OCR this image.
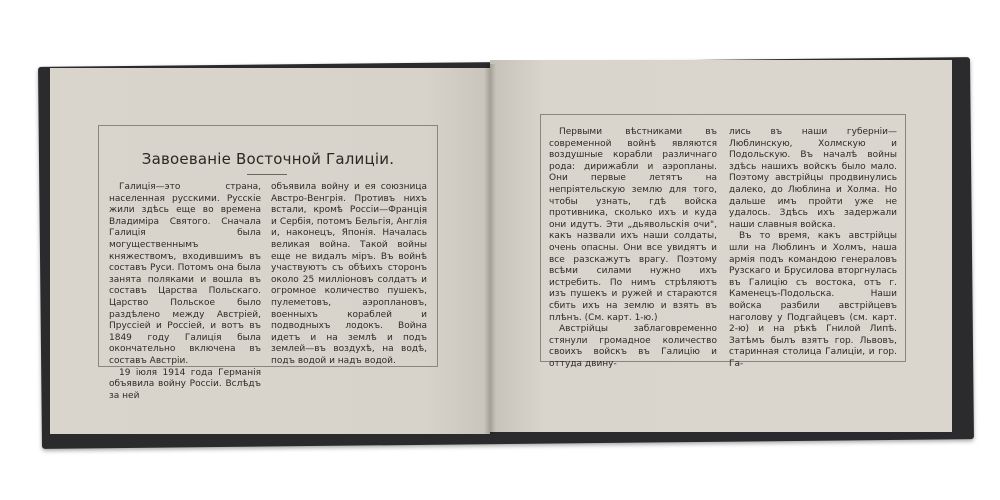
Завоеванiе Восточной Галицiи.

Галицiя—это страна, населенная русскими. Русскiе жили здѣсь еще во времена Владимiра Святого. Сначала Галицiя была могущественнымъ княжествомъ, входившимъ въ составъ Руси. Потомъ она была занята поляками и вошла въ составъ Царства Польскаго. Царство Польское было раздѣлено между Австрiей, Пруссiей и Россiей, и вотъ въ 1849 году Галицiя была окончательно включена въ составъ Австрiи.

19 iюля 1914 года Германiя объявила войну Россiи. Вслѣдъ за ней

объявила войну и ея союзница Австро-Венгрiя. Противъ нихъ встали, кромѣ Россiи—Францiя и Сербiя, потомъ Бельгiя, Англiя и, наконецъ, Японiя. Началась великая война. Такой войны еще не видалъ мiръ. Въ войнѣ участвуютъ съ обѣихъ сторонъ около 25 миллiоновъ солдатъ и огромное количество пушекъ, пулеметовъ, аэроплановъ, военныхъ кораблей и подводныхъ лодокъ. Война идетъ и на землѣ и подъ землей—въ воздухѣ, на водѣ, подъ водой и надъ водой.

Первыми вѣстниками въ современной войнѣ являются воздушные корабли различнаго рода: дирижабли и аэропланы. Они первые летятъ на непрiятельскую землю для того, чтобы узнать, гдѣ войска противника, сколько ихъ и куда они идутъ. Эти „дьявольскiя очи", какъ назвали ихъ наши солдаты, очень опасны. Они все увидятъ и все разскажутъ врагу. Поэтому всѣми силами нужно ихъ истребить. По нимъ стрѣляютъ изъ пушекъ и ружей и стараются сбить ихъ на землю и взять въ плѣнъ. (См. карт. 1-ю.)

Австрiйцы заблаговременно стянули громадное количество своихъ войскъ въ Галицiю и оттуда двину-

лись въ наши губернiи—Люблинскую, Холмскую и Подольскую. Въ началѣ войны здѣсь нашихъ войскъ было мало. Поэтому австрiйцы продвинулись далеко, до Люблина и Холма. Но дальше имъ пройти уже не удалось. Здѣсь ихъ задержали наши славныя войска.

Въ то время, какъ австрiйцы шли на Люблинъ и Холмъ, наша армiя подъ командою генераловъ Рузскаго и Брусилова вторгнулась въ Галицiю съ востока, отъ г. Каменецъ-Подольска. Наши войска разбили австрiйцевъ наголову у Подгайцевъ (см. карт. 2-ю) и на рѣкѣ Гнилой Липѣ. Затѣмъ былъ взятъ гор. Львовъ, старинная столица Галицiи, и гор. Га-
